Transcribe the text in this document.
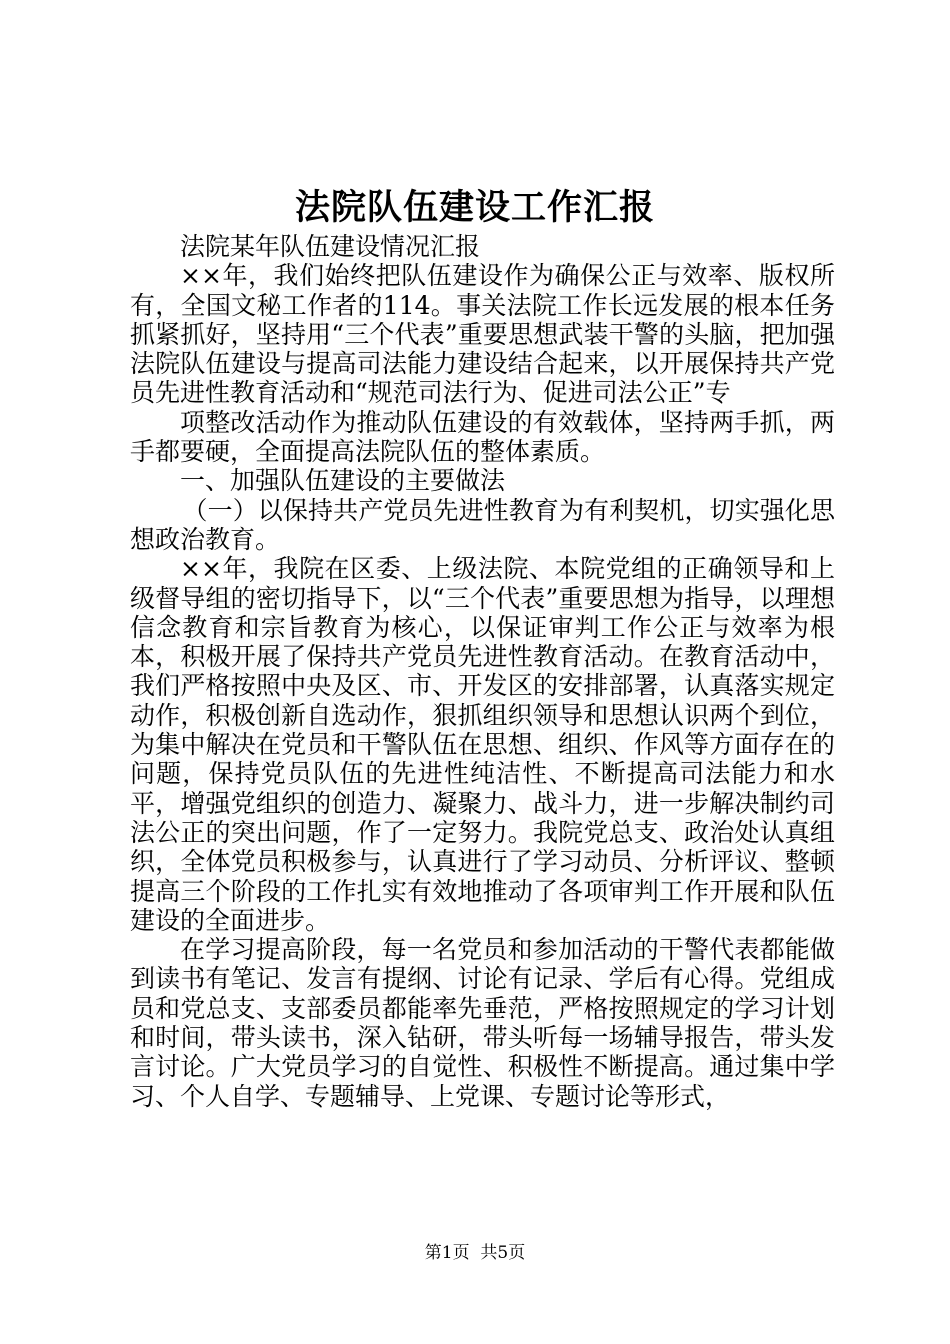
法院队伍建设工作汇报

法院某年队伍建设情况汇报

××年，我们始终把队伍建设作为确保公正与效率、版权所有，全国文秘工作者的114。事关法院工作长远发展的根本任务抓紧抓好，坚持用“三个代表”重要思想武装干警的头脑，把加强法院队伍建设与提高司法能力建设结合起来，以开展保持共产党员先进性教育活动和“规范司法行为、促进司法公正”专

项整改活动作为推动队伍建设的有效载体，坚持两手抓，两手都要硬，全面提高法院队伍的整体素质。

一、加强队伍建设的主要做法

（一）以保持共产党员先进性教育为有利契机，切实强化思想政治教育。

××年，我院在区委、上级法院、本院党组的正确领导和上级督导组的密切指导下，以“三个代表”重要思想为指导，以理想信念教育和宗旨教育为核心，以保证审判工作公正与效率为根本，积极开展了保持共产党员先进性教育活动。在教育活动中，我们严格按照中央及区、市、开发区的安排部署，认真落实规定动作，积极创新自选动作，狠抓组织领导和思想认识两个到位，为集中解决在党员和干警队伍在思想、组织、作风等方面存在的问题，保持党员队伍的先进性纯洁性、不断提高司法能力和水平，增强党组织的创造力、凝聚力、战斗力，进一步解决制约司法公正的突出问题，作了一定努力。我院党总支、政治处认真组织，全体党员积极参与，认真进行了学习动员、分析评议、整顿提高三个阶段的工作扎实有效地推动了各项审判工作开展和队伍建设的全面进步。

在学习提高阶段，每一名党员和参加活动的干警代表都能做到读书有笔记、发言有提纲、讨论有记录、学后有心得。党组成员和党总支、支部委员都能率先垂范，严格按照规定的学习计划和时间，带头读书，深入钻研，带头听每一场辅导报告，带头发言讨论。广大党员学习的自觉性、积极性不断提高。通过集中学习、个人自学、专题辅导、上党课、专题讨论等形式，

第1页 共5页
